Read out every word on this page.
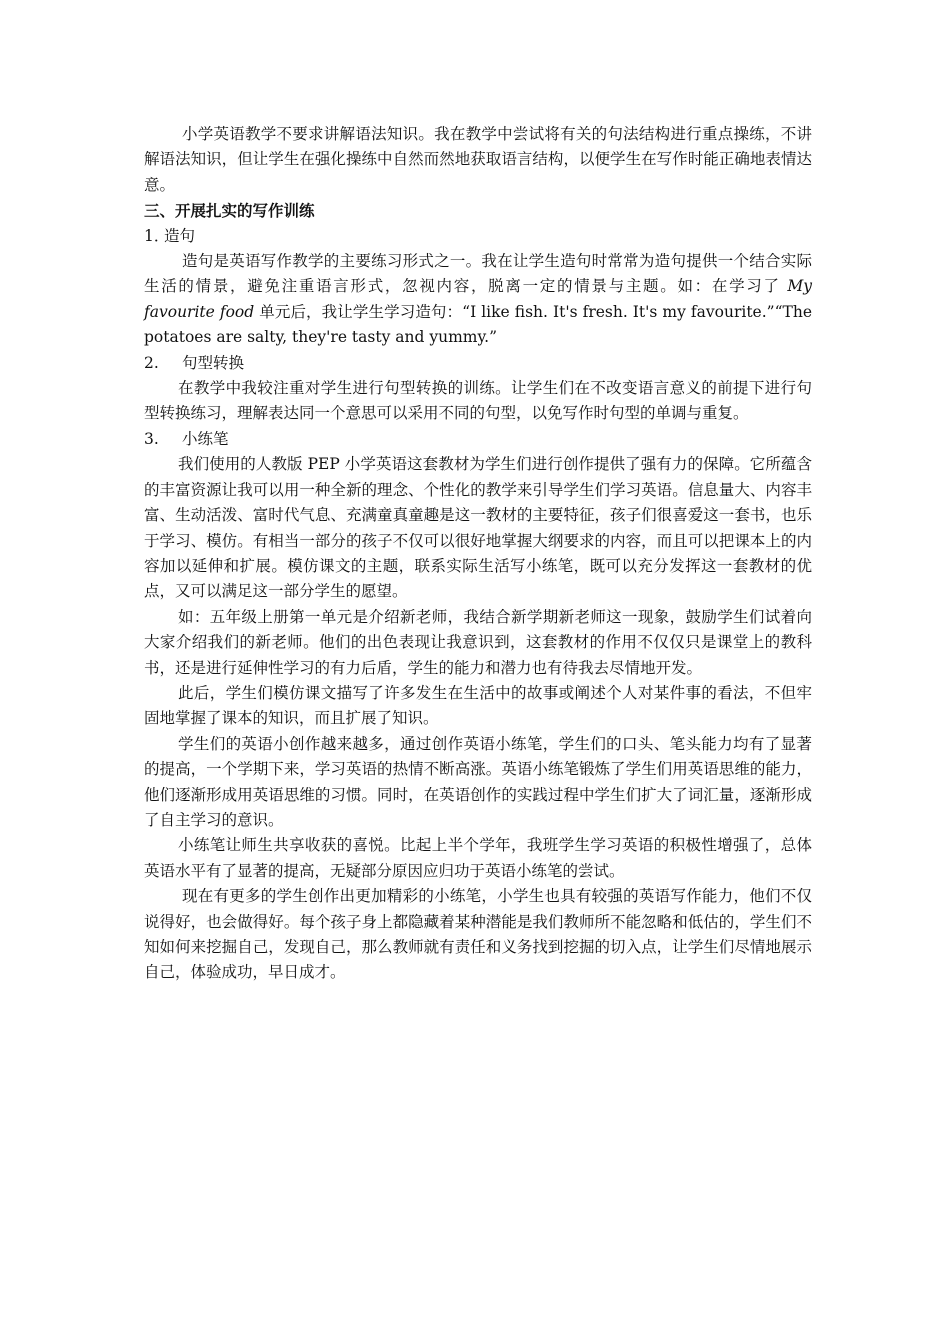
小学英语教学不要求讲解语法知识。我在教学中尝试将有关的句法结构进行重点操练，不讲解语法知识，但让学生在强化操练中自然而然地获取语言结构，以便学生在写作时能正确地表情达意。

三、开展扎实的写作训练

1．造句

造句是英语写作教学的主要练习形式之一。我在让学生造句时常常为造句提供一个结合实际生活的情景，避免注重语言形式，忽视内容，脱离一定的情景与主题。如：在学习了 My favourite food 单元后，我让学生学习造句：“I like fish. It's fresh. It's my favourite.”“The potatoes are salty, they're tasty and yummy.”

2. 句型转换

在教学中我较注重对学生进行句型转换的训练。让学生们在不改变语言意义的前提下进行句型转换练习，理解表达同一个意思可以采用不同的句型，以免写作时句型的单调与重复。

3. 小练笔

我们使用的人教版 PEP 小学英语这套教材为学生们进行创作提供了强有力的保障。它所蕴含的丰富资源让我可以用一种全新的理念、个性化的教学来引导学生们学习英语。信息量大、内容丰富、生动活泼、富时代气息、充满童真童趣是这一教材的主要特征，孩子们很喜爱这一套书，也乐于学习、模仿。有相当一部分的孩子不仅可以很好地掌握大纲要求的内容，而且可以把课本上的内容加以延伸和扩展。模仿课文的主题，联系实际生活写小练笔，既可以充分发挥这一套教材的优点，又可以满足这一部分学生的愿望。

如：五年级上册第一单元是介绍新老师，我结合新学期新老师这一现象，鼓励学生们试着向大家介绍我们的新老师。他们的出色表现让我意识到，这套教材的作用不仅仅只是课堂上的教科书，还是进行延伸性学习的有力后盾，学生的能力和潜力也有待我去尽情地开发。

此后，学生们模仿课文描写了许多发生在生活中的故事或阐述个人对某件事的看法，不但牢固地掌握了课本的知识，而且扩展了知识。

学生们的英语小创作越来越多，通过创作英语小练笔，学生们的口头、笔头能力均有了显著的提高，一个学期下来，学习英语的热情不断高涨。英语小练笔锻炼了学生们用英语思维的能力，他们逐渐形成用英语思维的习惯。同时，在英语创作的实践过程中学生们扩大了词汇量，逐渐形成了自主学习的意识。

小练笔让师生共享收获的喜悦。比起上半个学年，我班学生学习英语的积极性增强了，总体英语水平有了显著的提高，无疑部分原因应归功于英语小练笔的尝试。

现在有更多的学生创作出更加精彩的小练笔，小学生也具有较强的英语写作能力，他们不仅说得好，也会做得好。每个孩子身上都隐藏着某种潜能是我们教师所不能忽略和低估的，学生们不知如何来挖掘自己，发现自己，那么教师就有责任和义务找到挖掘的切入点，让学生们尽情地展示自己，体验成功，早日成才。
